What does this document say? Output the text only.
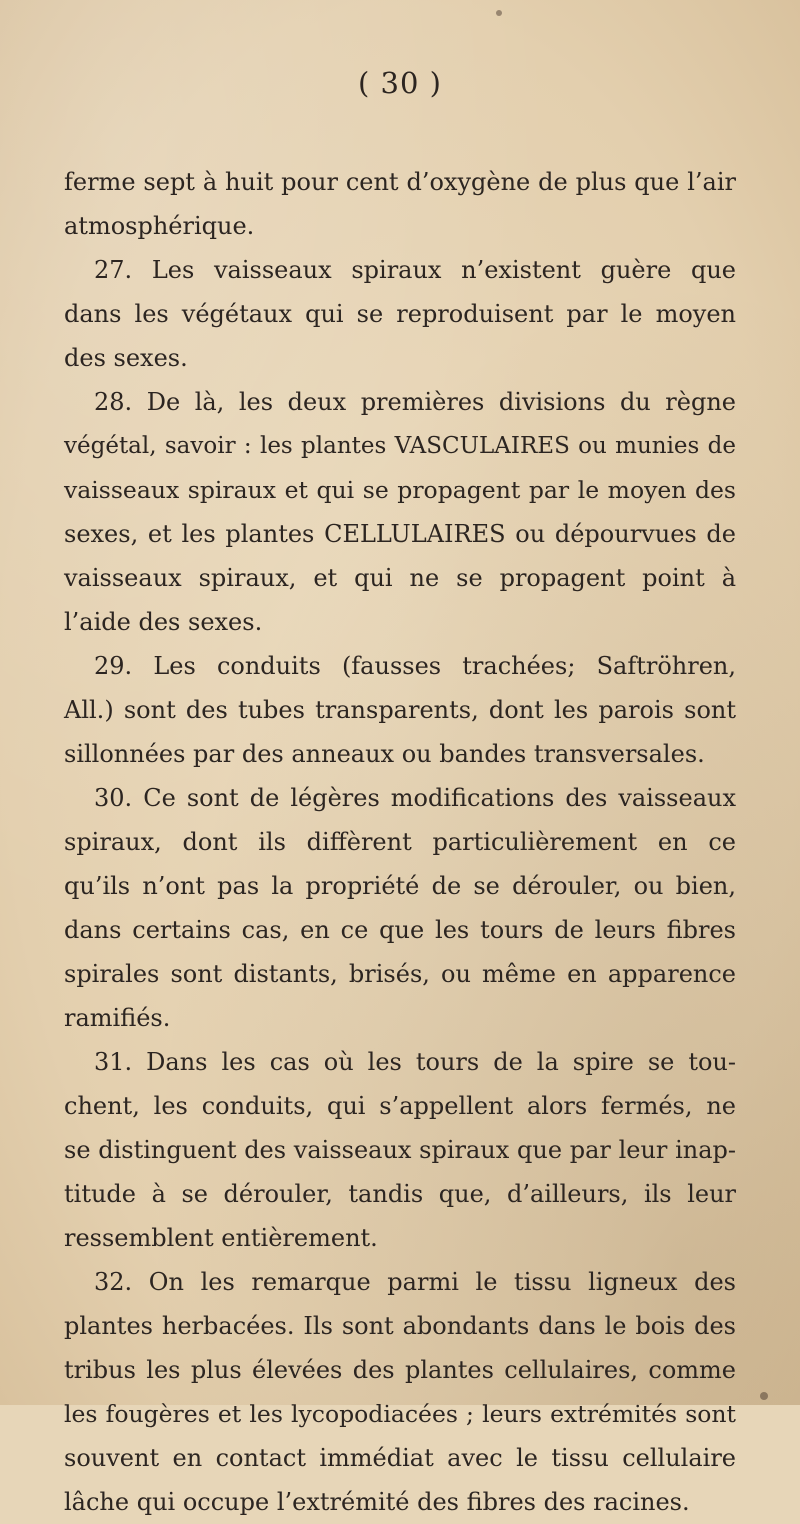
( 30 )
ferme sept à huit pour cent d’oxygène de plus que l’air
atmosphérique.
27. Les vaisseaux spiraux n’existent guère que
dans les végétaux qui se reproduisent par le moyen
des sexes.
28. De là, les deux premières divisions du règne
végétal, savoir : les plantes VASCULAIRES ou munies de
vaisseaux spiraux et qui se propagent par le moyen des
sexes, et les plantes CELLULAIRES ou dépourvues de
vaisseaux spiraux, et qui ne se propagent point à
l’aide des sexes.
29. Les conduits (fausses trachées; Saftröhren,
All.) sont des tubes transparents, dont les parois sont
sillonnées par des anneaux ou bandes transversales.
30. Ce sont de légères modifications des vaisseaux
spiraux, dont ils diffèrent particulièrement en ce
qu’ils n’ont pas la propriété de se dérouler, ou bien,
dans certains cas, en ce que les tours de leurs fibres
spirales sont distants, brisés, ou même en apparence
ramifiés.
31. Dans les cas où les tours de la spire se tou-
chent, les conduits, qui s’appellent alors fermés, ne
se distinguent des vaisseaux spiraux que par leur inap-
titude à se dérouler, tandis que, d’ailleurs, ils leur
ressemblent entièrement.
32. On les remarque parmi le tissu ligneux des
plantes herbacées. Ils sont abondants dans le bois des
tribus les plus élevées des plantes cellulaires, comme
les fougères et les lycopodiacées ; leurs extrémités sont
souvent en contact immédiat avec le tissu cellulaire
lâche qui occupe l’extrémité des fibres des racines.
